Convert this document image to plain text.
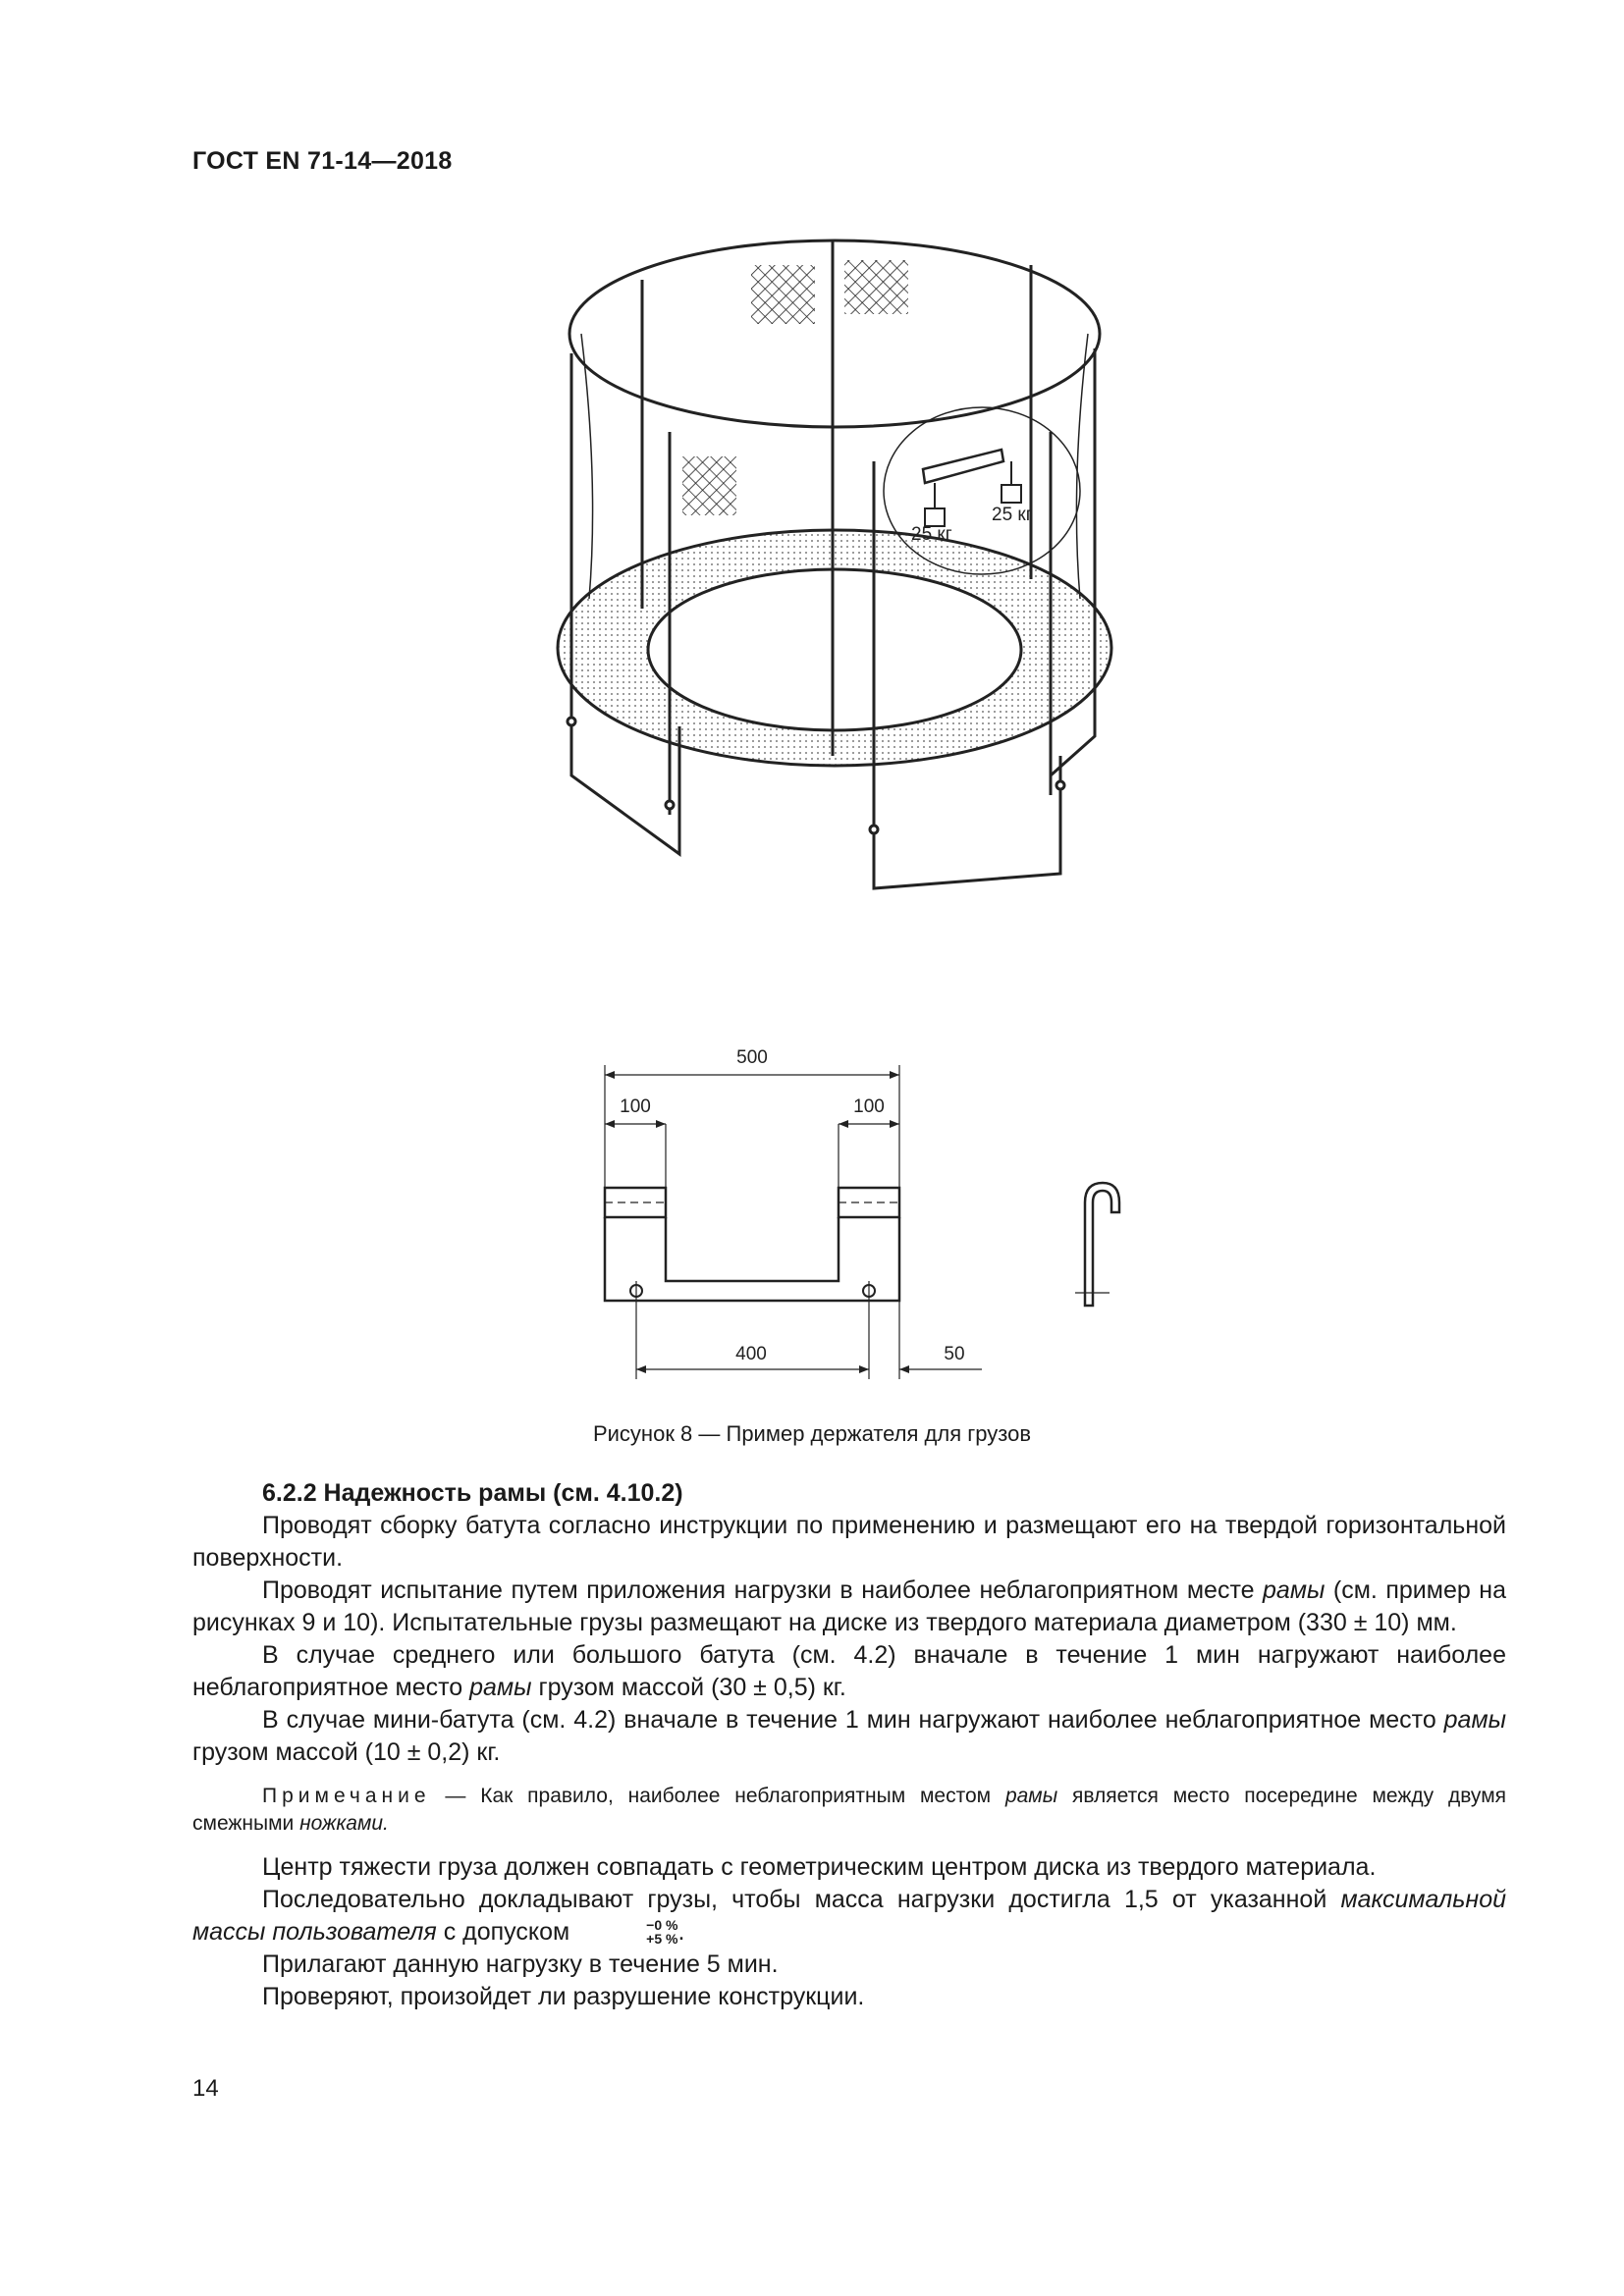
ГОСТ EN 71-14—2018
25 кг
25 кг
500
100	100
400	50
Рисунок 8 — Пример держателя для грузов

6.2.2 Надежность рамы (см. 4.10.2)

Проводят сборку батута согласно инструкции по применению и размещают его на твердой горизонтальной поверхности.

Проводят испытание путем приложения нагрузки в наиболее неблагоприятном месте рамы (см. пример на рисунках 9 и 10). Испытательные грузы размещают на диске из твердого материала диаметром (330 ± 10) мм.

В случае среднего или большого батута (см. 4.2) вначале в течение 1 мин нагружают наиболее неблагоприятное место рамы грузом массой (30 ± 0,5) кг.

В случае мини-батута (см. 4.2) вначале в течение 1 мин нагружают наиболее неблагоприятное место рамы грузом массой (10 ± 0,2) кг.

Примечание — Как правило, наиболее неблагоприятным местом рамы является место посередине между двумя смежными ножками.

Центр тяжести груза должен совпадать с геометрическим центром диска из твердого материала.

Последовательно докладывают грузы, чтобы масса нагрузки достигла 1,5 от указанной максимальной массы пользователя с допуском	−0 %
+5 % .

Прилагают данную нагрузку в течение 5 мин.

Проверяют, произойдет ли разрушение конструкции.

14
